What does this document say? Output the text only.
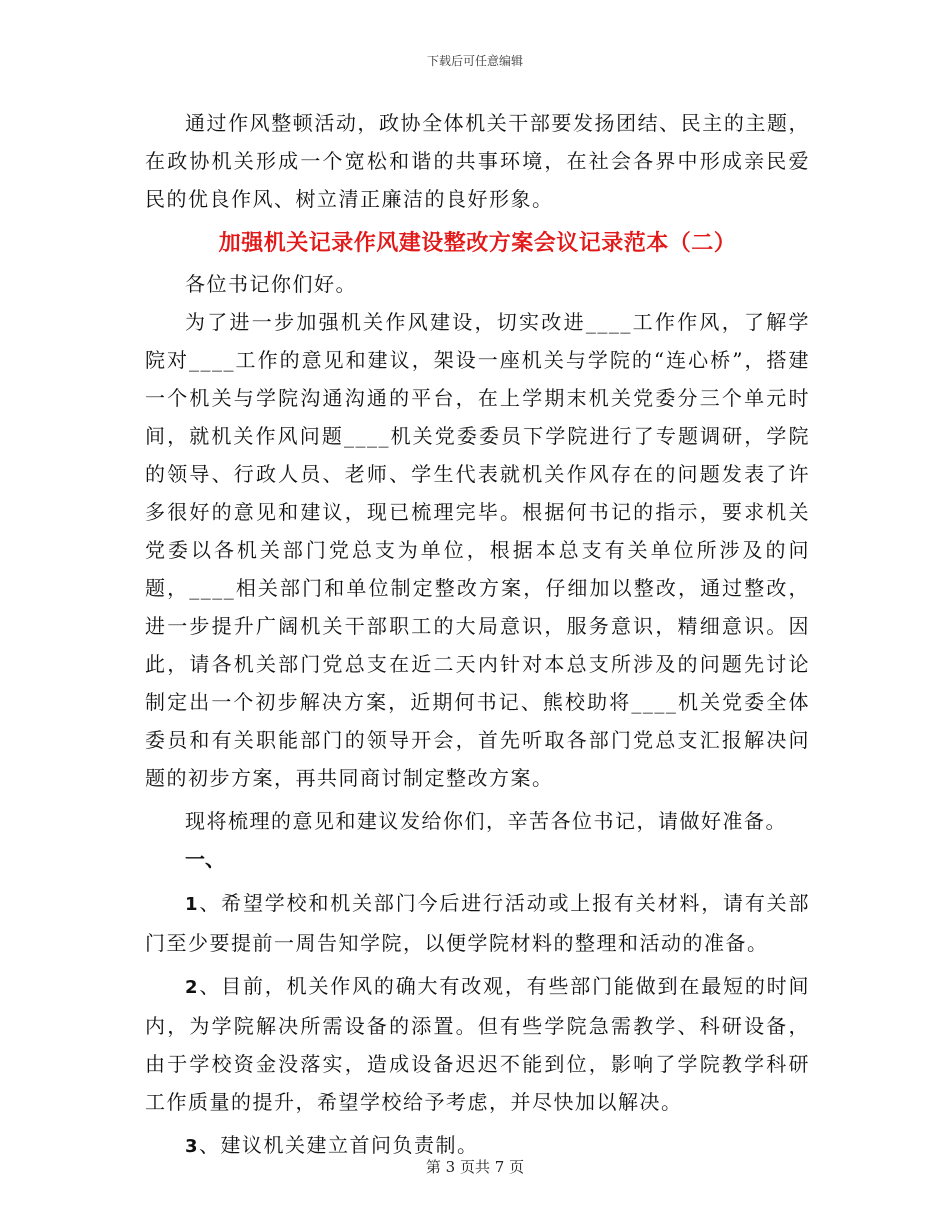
下载后可任意编辑

通过作风整顿活动，政协全体机关干部要发扬团结、民主的主题，在政协机关形成一个宽松和谐的共事环境，在社会各界中形成亲民爱民的优良作风、树立清正廉洁的良好形象。

加强机关记录作风建设整改方案会议记录范本（二）

各位书记你们好。

为了进一步加强机关作风建设，切实改进____工作作风，了解学院对____工作的意见和建议，架设一座机关与学院的“连心桥”，搭建一个机关与学院沟通沟通的平台，在上学期末机关党委分三个单元时间，就机关作风问题____机关党委委员下学院进行了专题调研，学院的领导、行政人员、老师、学生代表就机关作风存在的问题发表了许多很好的意见和建议，现已梳理完毕。根据何书记的指示，要求机关党委以各机关部门党总支为单位，根据本总支有关单位所涉及的问题，____相关部门和单位制定整改方案，仔细加以整改，通过整改，进一步提升广阔机关干部职工的大局意识，服务意识，精细意识。因此，请各机关部门党总支在近二天内针对本总支所涉及的问题先讨论制定出一个初步解决方案，近期何书记、熊校助将____机关党委全体委员和有关职能部门的领导开会，首先听取各部门党总支汇报解决问题的初步方案，再共同商讨制定整改方案。

现将梳理的意见和建议发给你们，辛苦各位书记，请做好准备。

一、

1、希望学校和机关部门今后进行活动或上报有关材料，请有关部门至少要提前一周告知学院，以便学院材料的整理和活动的准备。

2、目前，机关作风的确大有改观，有些部门能做到在最短的时间内，为学院解决所需设备的添置。但有些学院急需教学、科研设备，由于学校资金没落实，造成设备迟迟不能到位，影响了学院教学科研工作质量的提升，希望学校给予考虑，并尽快加以解决。

3、建议机关建立首问负责制。

第 3 页共 7 页
